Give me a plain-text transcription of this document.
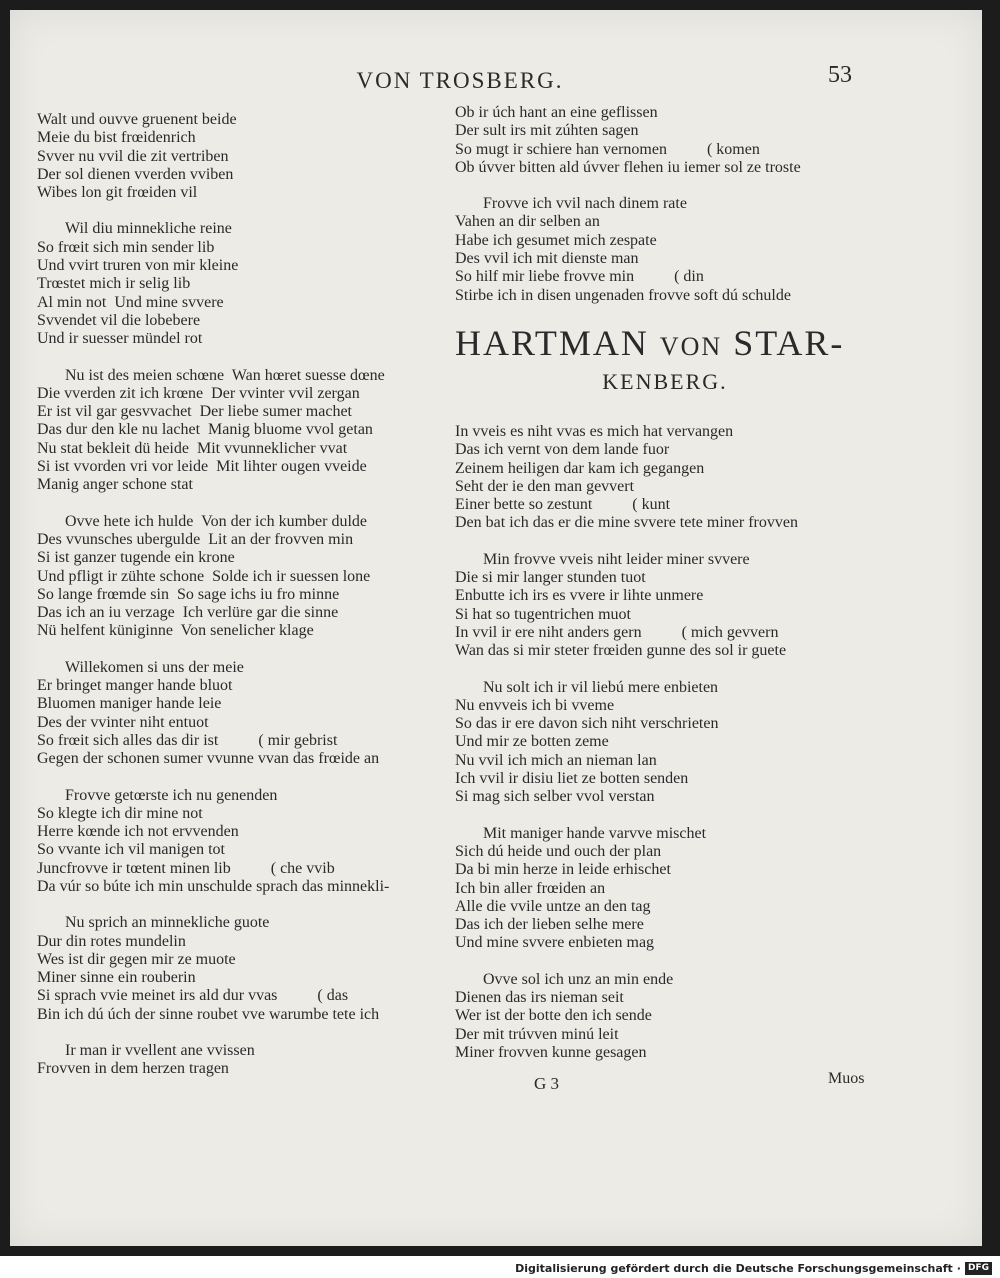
VON TROSBERG.	53
Walt und ouvve gruenent beide
Meie du bist frœidenrich
Svver nu vvil die zit vertriben
Der sol dienen vverden vviben
Wibes lon git frœiden vil
Wil diu minnekliche reine
So frœit sich min sender lib
Und vvirt truren von mir kleine
Trœstet mich ir selig lib
Al min not  Und mine svvere
Svvendet vil die lobebere
Und ir suesser mündel rot
Nu ist des meien schœne  Wan hœret suesse dœne
Die vverden zit ich krœne  Der vvinter vvil zergan
Er ist vil gar gesvvachet  Der liebe sumer machet
Das dur den kle nu lachet  Manig bluome vvol getan
Nu stat bekleit dü heide  Mit vvunneklicher vvat
Si ist vvorden vri vor leide  Mit lihter ougen vveide
Manig anger schone stat
Ovve hete ich hulde  Von der ich kumber dulde
Des vvunsches ubergulde  Lit an der frovven min
Si ist ganzer tugende ein krone
Und pfligt ir zühte schone  Solde ich ir suessen lone
So lange frœmde sin  So sage ichs iu fro minne
Das ich an iu verzage  Ich verlüre gar die sinne
Nü helfent küniginne  Von senelicher klage
Willekomen si uns der meie
Er bringet manger hande bluot
Bluomen maniger hande leie
Des der vvinter niht entuot
So frœit sich alles das dir ist          ( mir gebrist
Gegen der schonen sumer vvunne vvan das frœide an
Frovve getœrste ich nu genenden
So klegte ich dir mine not
Herre kœnde ich not ervvenden
So vvante ich vil manigen tot
Juncfrovve ir tœtent minen lib          ( che vvib
Da vúr so búte ich min unschulde sprach das minnekli-
Nu sprich an minnekliche guote
Dur din rotes mundelin
Wes ist dir gegen mir ze muote
Miner sinne ein rouberin
Si sprach vvie meinet irs ald dur vvas          ( das
Bin ich dú úch der sinne roubet vve warumbe tete ich
Ir man ir vvellent ane vvissen
Frovven in dem herzen tragen
Ob ir úch hant an eine geflissen
Der sult irs mit zúhten sagen
So mugt ir schiere han vernomen          ( komen
Ob úvver bitten ald úvver flehen iu iemer sol ze troste
Frovve ich vvil nach dinem rate
Vahen an dir selben an
Habe ich gesumet mich zespate
Des vvil ich mit dienste man
So hilf mir liebe frovve min          ( din
Stirbe ich in disen ungenaden frovve soft dú schulde
HARTMAN VON STAR-
KENBERG.
In vveis es niht vvas es mich hat vervangen
Das ich vernt von dem lande fuor
Zeinem heiligen dar kam ich gegangen
Seht der ie den man gevvert
Einer bette so zestunt          ( kunt
Den bat ich das er die mine svvere tete miner frovven
Min frovve vveis niht leider miner svvere
Die si mir langer stunden tuot
Enbutte ich irs es vvere ir lihte unmere
Si hat so tugentrichen muot
In vvil ir ere niht anders gern          ( mich gevvern
Wan das si mir steter frœiden gunne des sol ir guete
Nu solt ich ir vil liebú mere enbieten
Nu envveis ich bi vveme
So das ir ere davon sich niht verschrieten
Und mir ze botten zeme
Nu vvil ich mich an nieman lan
Ich vvil ir disiu liet ze botten senden
Si mag sich selber vvol verstan
Mit maniger hande varvve mischet
Sich dú heide und ouch der plan
Da bi min herze in leide erhischet
Ich bin aller frœiden an
Alle die vvile untze an den tag
Das ich der lieben selhe mere
Und mine svvere enbieten mag
Ovve sol ich unz an min ende
Dienen das irs nieman seit
Wer ist der botte den ich sende
Der mit trúvven minú leit
Miner frovven kunne gesagen
G 3	Muos
Digitalisierung gefördert durch die Deutsche Forschungsgemeinschaft · DFG
